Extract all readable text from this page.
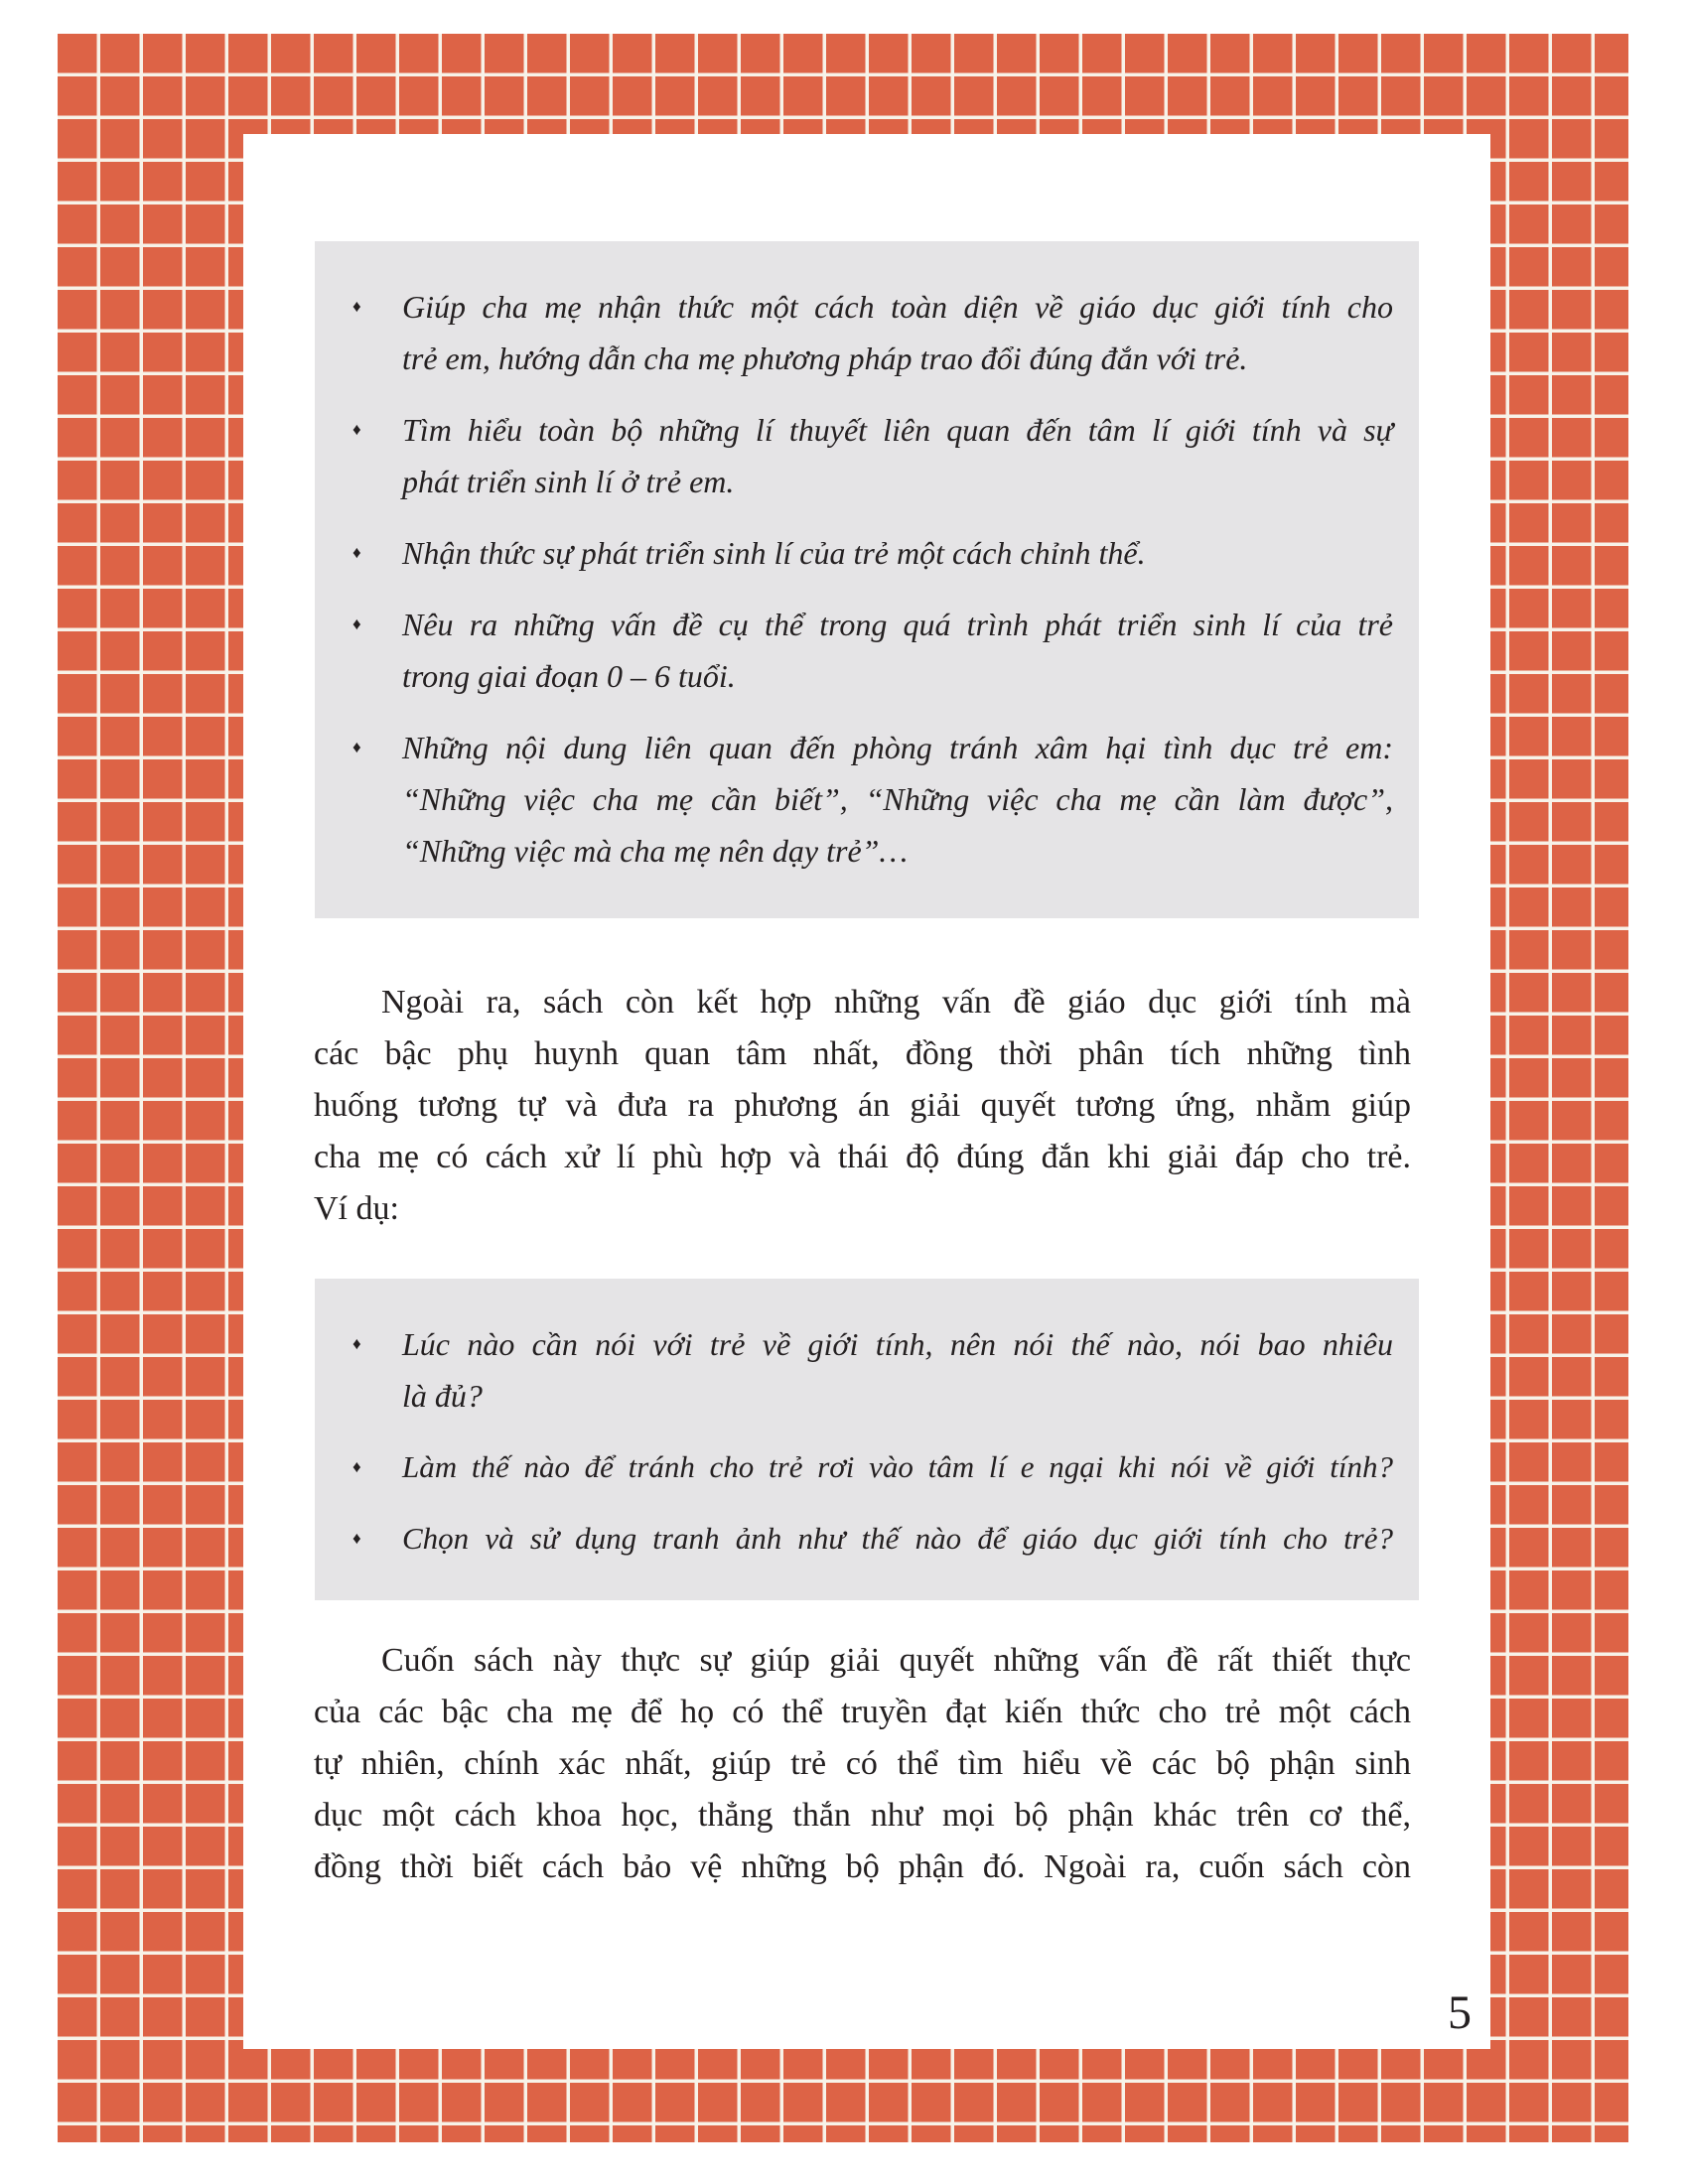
♦	Giúp cha mẹ nhận thức một cách toàn diện về giáo dục giới tính cho
trẻ em, hướng dẫn cha mẹ phương pháp trao đổi đúng đắn với trẻ.
♦	Tìm hiểu toàn bộ những lí thuyết liên quan đến tâm lí giới tính và sự
phát triển sinh lí ở trẻ em.
♦	Nhận thức sự phát triển sinh lí của trẻ một cách chỉnh thể.
♦	Nêu ra những vấn đề cụ thể trong quá trình phát triển sinh lí của trẻ
trong giai đoạn 0 – 6 tuổi.
♦	Những nội dung liên quan đến phòng tránh xâm hại tình dục trẻ em:
“Những việc cha mẹ cần biết”, “Những việc cha mẹ cần làm được”,
“Những việc mà cha mẹ nên dạy trẻ”…
Ngoài ra, sách còn kết hợp những vấn đề giáo dục giới tính mà
các bậc phụ huynh quan tâm nhất, đồng thời phân tích những tình
huống tương tự và đưa ra phương án giải quyết tương ứng, nhằm giúp
cha mẹ có cách xử lí phù hợp và thái độ đúng đắn khi giải đáp cho trẻ.
Ví dụ:
♦	Lúc nào cần nói với trẻ về giới tính, nên nói thế nào, nói bao nhiêu
là đủ?
♦	Làm thế nào để tránh cho trẻ rơi vào tâm lí e ngại khi nói về giới tính?
♦	Chọn và sử dụng tranh ảnh như thế nào để giáo dục giới tính cho trẻ?
Cuốn sách này thực sự giúp giải quyết những vấn đề rất thiết thực
của các bậc cha mẹ để họ có thể truyền đạt kiến thức cho trẻ một cách
tự nhiên, chính xác nhất, giúp trẻ có thể tìm hiểu về các bộ phận sinh
dục một cách khoa học, thẳng thắn như mọi bộ phận khác trên cơ thể,
đồng thời biết cách bảo vệ những bộ phận đó. Ngoài ra, cuốn sách còn
5
